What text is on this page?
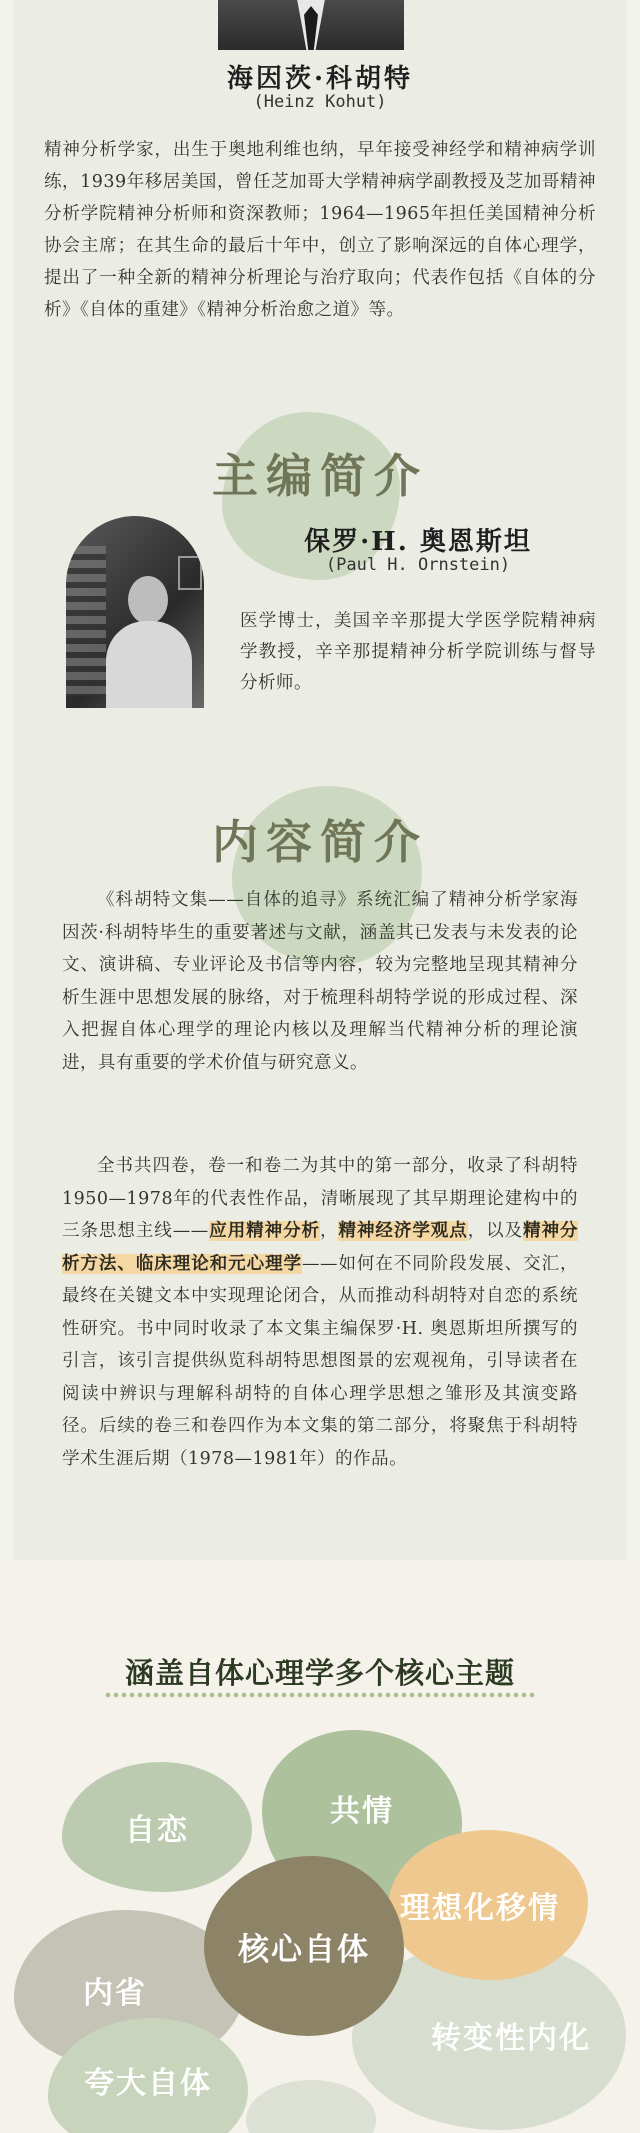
海因茨·科胡特
(Heinz Kohut)

精神分析学家，出生于奥地利维也纳，早年接受神经学和精神病学训练，1939年移居美国，曾任芝加哥大学精神病学副教授及芝加哥精神分析学院精神分析师和资深教师；1964—1965年担任美国精神分析协会主席；在其生命的最后十年中，创立了影响深远的自体心理学，提出了一种全新的精神分析理论与治疗取向；代表作包括《自体的分析》《自体的重建》《精神分析治愈之道》等。

主编简介
保罗·H. 奥恩斯坦
(Paul H. Ornstein)

医学博士，美国辛辛那提大学医学院精神病学教授，辛辛那提精神分析学院训练与督导分析师。

内容简介

《科胡特文集——自体的追寻》系统汇编了精神分析学家海因茨·科胡特毕生的重要著述与文献，涵盖其已发表与未发表的论文、演讲稿、专业评论及书信等内容，较为完整地呈现其精神分析生涯中思想发展的脉络，对于梳理科胡特学说的形成过程、深入把握自体心理学的理论内核以及理解当代精神分析的理论演进，具有重要的学术价值与研究意义。

全书共四卷，卷一和卷二为其中的第一部分，收录了科胡特1950—1978年的代表性作品，清晰展现了其早期理论建构中的三条思想主线——应用精神分析，精神经济学观点，以及精神分析方法、临床理论和元心理学——如何在不同阶段发展、交汇，最终在关键文本中实现理论闭合，从而推动科胡特对自恋的系统性研究。书中同时收录了本文集主编保罗·H. 奥恩斯坦所撰写的引言，该引言提供纵览科胡特思想图景的宏观视角，引导读者在阅读中辨识与理解科胡特的自体心理学思想之雏形及其演变路径。后续的卷三和卷四作为本文集的第二部分，将聚焦于科胡特学术生涯后期（1978—1981年）的作品。

涵盖自体心理学多个核心主题
自恋
共情
内省
转变性内化
理想化移情
核心自体
夸大自体
